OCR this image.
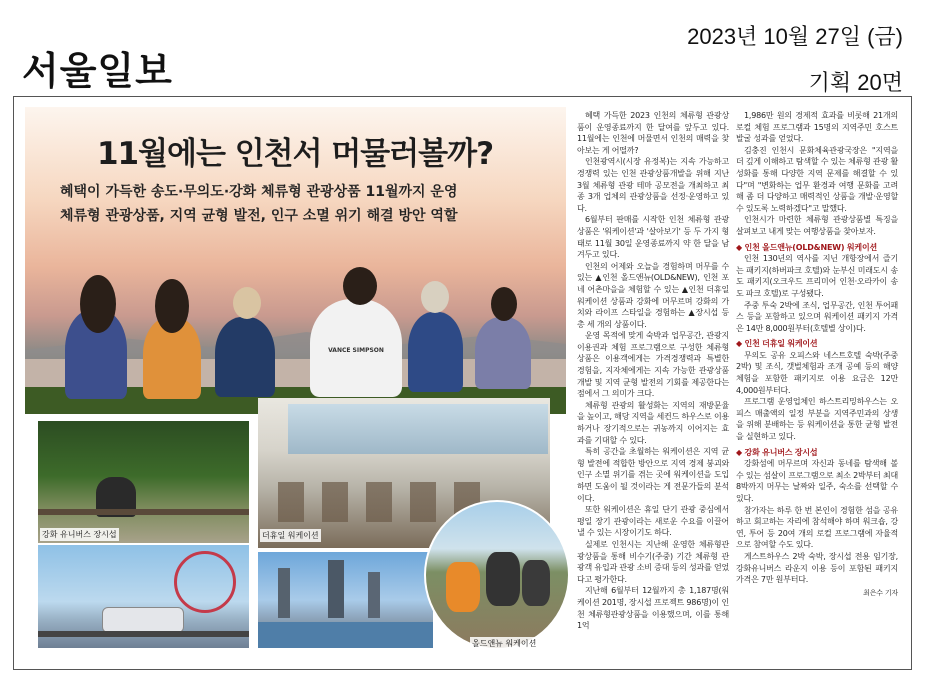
서울일보
2023년 10월 27일 (금)
기획 20면
VANCE SIMPSON
11월에는 인천서 머물러볼까?
혜택이 가득한 송도·무의도·강화 체류형 관광상품 11월까지 운영
체류형 관광상품, 지역 균형 발전, 인구 소멸 위기 해결 방안 역할
강화 유니버스 장시섭	더휴일 워케이션
올드앤뉴 워케이션

혜택 가득한 2023 인천의 체류형 관광상품이 운영종료까지 한 달여를 앞두고 있다. 11월에는 인천에 머물면서 인천의 매력을 찾아보는 게 어떨까?

인천광역시(시장 유정복)는 지속 가능하고 경쟁력 있는 인천 관광상품개발을 위해 지난 3월 체류형 관광 테마 공모전을 개최하고 최종 3개 업체의 관광상품을 선정·운영하고 있다.

6월부터 판매를 시작한 인천 체류형 관광상품은 '워케이션'과 '살아보기' 등 두 가지 형태로 11월 30일 운영종료까지 약 한 달을 남겨두고 있다.

인천의 어제와 오늘을 경험하며 머무를 수 있는 ▲인천 올드앤뉴(OLD&NEW), 인천 포네 어촌마을을 체험할 수 있는 ▲인천 더휴일 워케이션 상품과 강화에 머무르며 강화의 가치와 라이프 스타일을 경험하는 ▲장시섭 등 총 세 개의 상품이다.

운영 목적에 맞게 숙박과 업무공간, 관광지 이용권과 체험 프로그램으로 구성한 체류형 상품은 이용객에게는 가격경쟁력과 특별한 경험을, 지자체에게는 지속 가능한 관광상품 개발 및 지역 균형 발전의 기회를 제공한다는 점에서 그 의미가 크다.

체류형 관광의 활성화는 지역의 재방문율을 높이고, 해당 지역을 세컨드 하우스로 이용하거나 장기적으로는 귀농까지 이어지는 효과를 기대할 수 있다.

특히 공간을 초월하는 워케이션은 지역 균형 발전에 적합한 방안으로 지역 경제 붕괴와 인구 소멸 위기를 겪는 곳에 워케이션을 도입하면 도움이 될 것이라는 게 전문가들의 분석이다.

또한 워케이션은 휴일 단기 관광 중심에서 평일 장기 관광이라는 새로운 수요를 이끌어낼 수 있는 시장이기도 하다.

실제로 인천시는 지난해 운영한 체류형관광상품을 통해 비수기(주중) 기간 체류형 관광객 유입과 관광 소비 증대 등의 성과를 얻었다고 평가한다.

지난해 6월부터 12월까지 총 1,187명(워케이션 201명, 장시섭 프로젝트 986명)이 인천 체류형관광상품을 이용했으며, 이를 통해 1억

1,986만 원의 경제적 효과를 비롯해 21개의 로컬 체험 프로그램과 15명의 지역주민 호스트 발굴 성과를 얻었다.

김충진 인천시 문화체육관광국장은 "지역을 더 깊게 이해하고 탐색할 수 있는 체류형 관광 활성화를 통해 다양한 지역 문제를 해결할 수 있다"며 "변화하는 업무 환경과 여행 문화를 고려해 좀 더 다양하고 매력적인 상품을 개발·운영할 수 있도록 노력하겠다"고 말했다.

인천시가 마련한 체류형 관광상품별 특징을 살펴보고 내게 맞는 여행상품을 찾아보자.

◆ 인천 올드앤뉴(OLD&NEW) 워케이션

인천 130년의 역사를 지닌 개항장에서 즐기는 패키지(하버파크 호텔)와 눈부신 미래도시 송도 패키지(오크우드 프리미어 인천·오라카이 송도 파크 호텔)로 구성됐다.

주중 투숙 2박에 조식, 업무공간, 인천 투어패스 등을 포함하고 있으며 워케이션 패키지 가격은 14만 8,000원부터(호텔별 상이)다.

◆ 인천 더휴일 워케이션

무의도 공유 오피스와 네스트호텔 숙박(주중 2박) 및 조식, 갯벌체험과 조개 공예 등의 해양 체험을 포함한 패키지로 이용 요금은 12만 4,000원부터다.

프로그램 운영업체인 하스트리밍하우스는 오피스 매출액의 일정 부분을 지역주민과의 상생을 위해 분배하는 등 워케이션을 통한 균형 발전을 실현하고 있다.

◆ 강화 유니버스 장시섭

강화섬에 머무르며 자신과 동네를 탐색해 볼 수 있는 섬살이 프로그램으로 최소 2박부터 최대 8박까지 머무는 날짜와 일주, 숙소를 선택할 수 있다.

참가자는 하루 한 번 본인이 경험한 섬을 공유하고 회고하는 자리에 참석해야 하며 워크숍, 강연, 투어 등 20여 개의 로컬 프로그램에 자율적으로 참여할 수도 있다.

게스트하우스 2박 숙박, 장시섭 전용 임기장, 강화유니버스 라운지 이용 등이 포함된 패키지 가격은 7만 원부터다.

최은수 기자
